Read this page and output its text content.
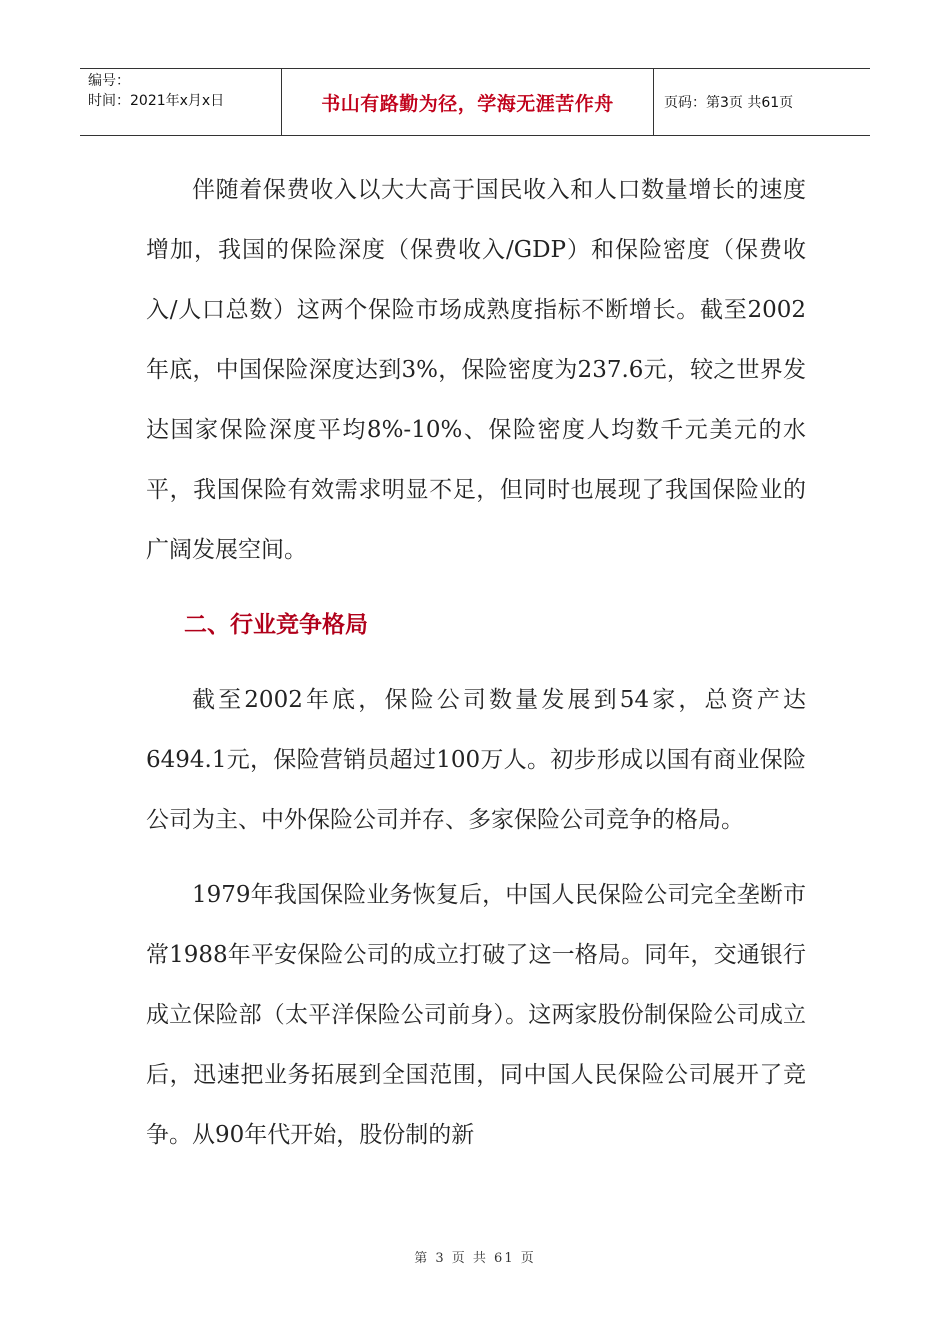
编号：
时间：2021年x月x日	书山有路勤为径，学海无涯苦作舟	页码：第3页 共61页

伴随着保费收入以大大高于国民收入和人口数量增长的速度增加，我国的保险深度（保费收入/GDP）和保险密度（保费收入/人口总数）这两个保险市场成熟度指标不断增长。截至2002年底，中国保险深度达到3%，保险密度为237.6元，较之世界发达国家保险深度平均8%-10%、保险密度人均数千元美元的水平，我国保险有效需求明显不足，但同时也展现了我国保险业的广阔发展空间。

二、行业竞争格局

截至2002年底，保险公司数量发展到54家，总资产达6494.1元，保险营销员超过100万人。初步形成以国有商业保险公司为主、中外保险公司并存、多家保险公司竞争的格局。

1979年我国保险业务恢复后，中国人民保险公司完全垄断市常1988年平安保险公司的成立打破了这一格局。同年，交通银行成立保险部（太平洋保险公司前身）。这两家股份制保险公司成立后，迅速把业务拓展到全国范围，同中国人民保险公司展开了竞争。从90年代开始，股份制的新

第 3 页 共 61 页
